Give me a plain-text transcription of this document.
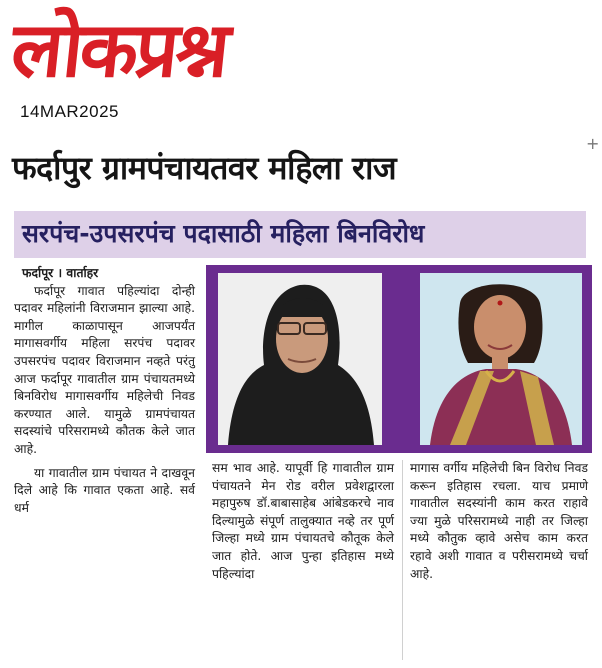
लोकप्रश्न
14MAR2025
+
फर्दापुर ग्रामपंचायतवर महिला राज
सरपंच-उपसरपंच पदासाठी महिला बिनविरोध

फर्दापूर । वार्ताहर

फर्दापूर गावात पहिल्यांदा दोन्ही पदावर महिलांनी विराजमान झाल्या आहे. मागील काळापासून आजपर्यंत मागासवर्गीय महिला सरपंच पदावर उपसरपंच पदावर विराजमान नव्हते परंतु आज फर्दापूर गावातील ग्राम पंचायतमध्ये बिनविरोध मागासवर्गीय महिलेची निवड करण्यात आले. यामुळे ग्रामपंचायत सदस्यांचे परिसरामध्ये कौतक केले जात आहे.

या गावातील ग्राम पंचायत ने दाखवून दिले आहे कि गावात एकता आहे. सर्व धर्म

सम भाव आहे. यापूर्वी हि गावातील ग्राम पंचायतने मेन रोड वरील प्रवेशद्वारला महापुरुष डॉ.बाबासाहेब आंबेडकरचे नाव दिल्यामुळे संपूर्ण तालुक्यात नव्हे तर पूर्ण जिल्हा मध्ये ग्राम पंचायतचे कौतूक केले जात होते. आज पुन्हा इतिहास मध्ये पहिल्यांदा

मागास वर्गीय महिलेची बिन विरोध निवड करून इतिहास रचला. याच प्रमाणे गावातील सदस्यांनी काम करत राहावे ज्या मुळे परिसरामध्ये नाही तर जिल्हा मध्ये कौतुक व्हावे असेच काम करत रहावे अशी गावात व परीसरामध्ये चर्चा आहे.
